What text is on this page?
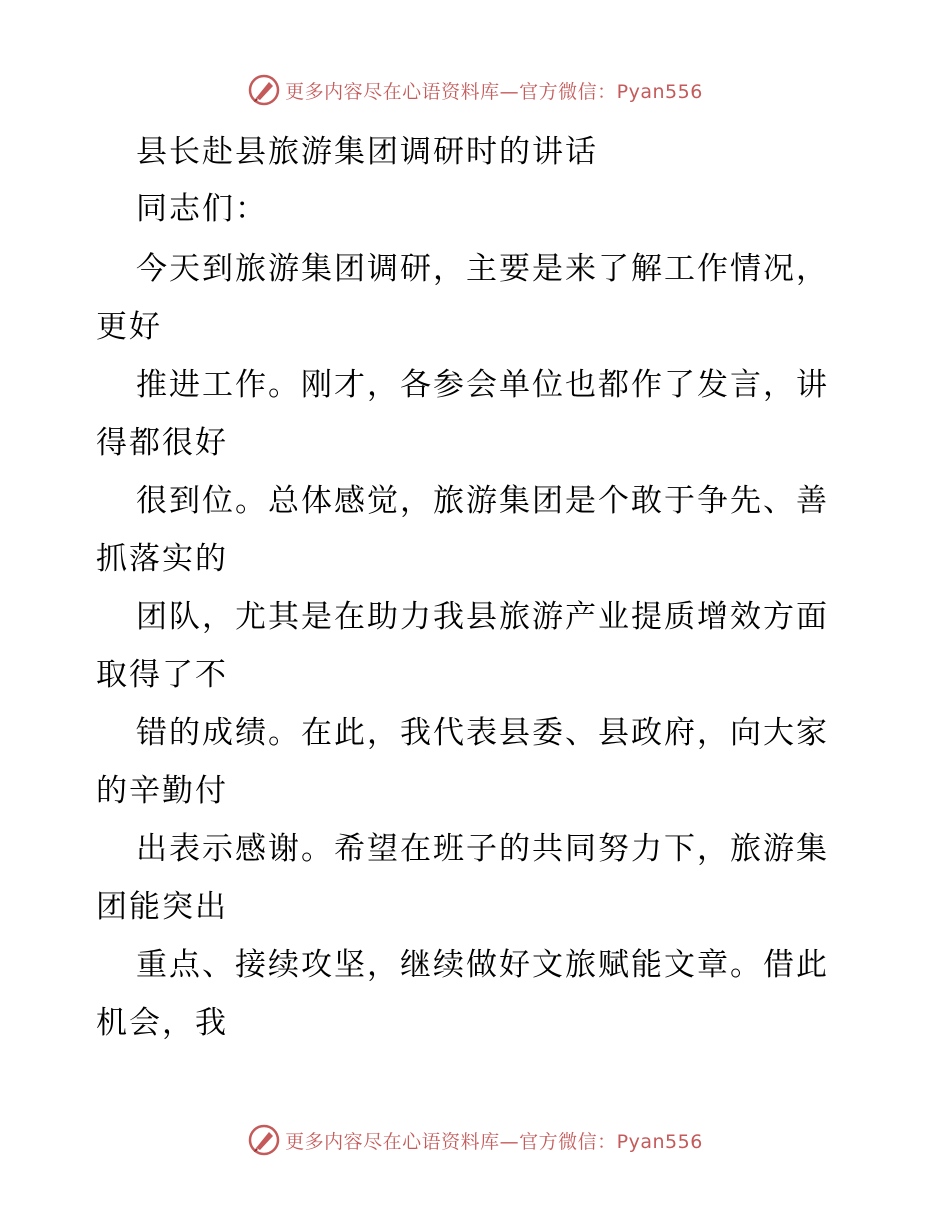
更多内容尽在心语资料库—官方微信：Pyan556
县长赴县旅游集团调研时的讲话
同志们：
今天到旅游集团调研，主要是来了解工作情况，
更好
推进工作。刚才，各参会单位也都作了发言，讲
得都很好
很到位。总体感觉，旅游集团是个敢于争先、善
抓落实的
团队，尤其是在助力我县旅游产业提质增效方面
取得了不
错的成绩。在此，我代表县委、县政府，向大家
的辛勤付
出表示感谢。希望在班子的共同努力下，旅游集
团能突出
重点、接续攻坚，继续做好文旅赋能文章。借此
机会，我
更多内容尽在心语资料库—官方微信：Pyan556
